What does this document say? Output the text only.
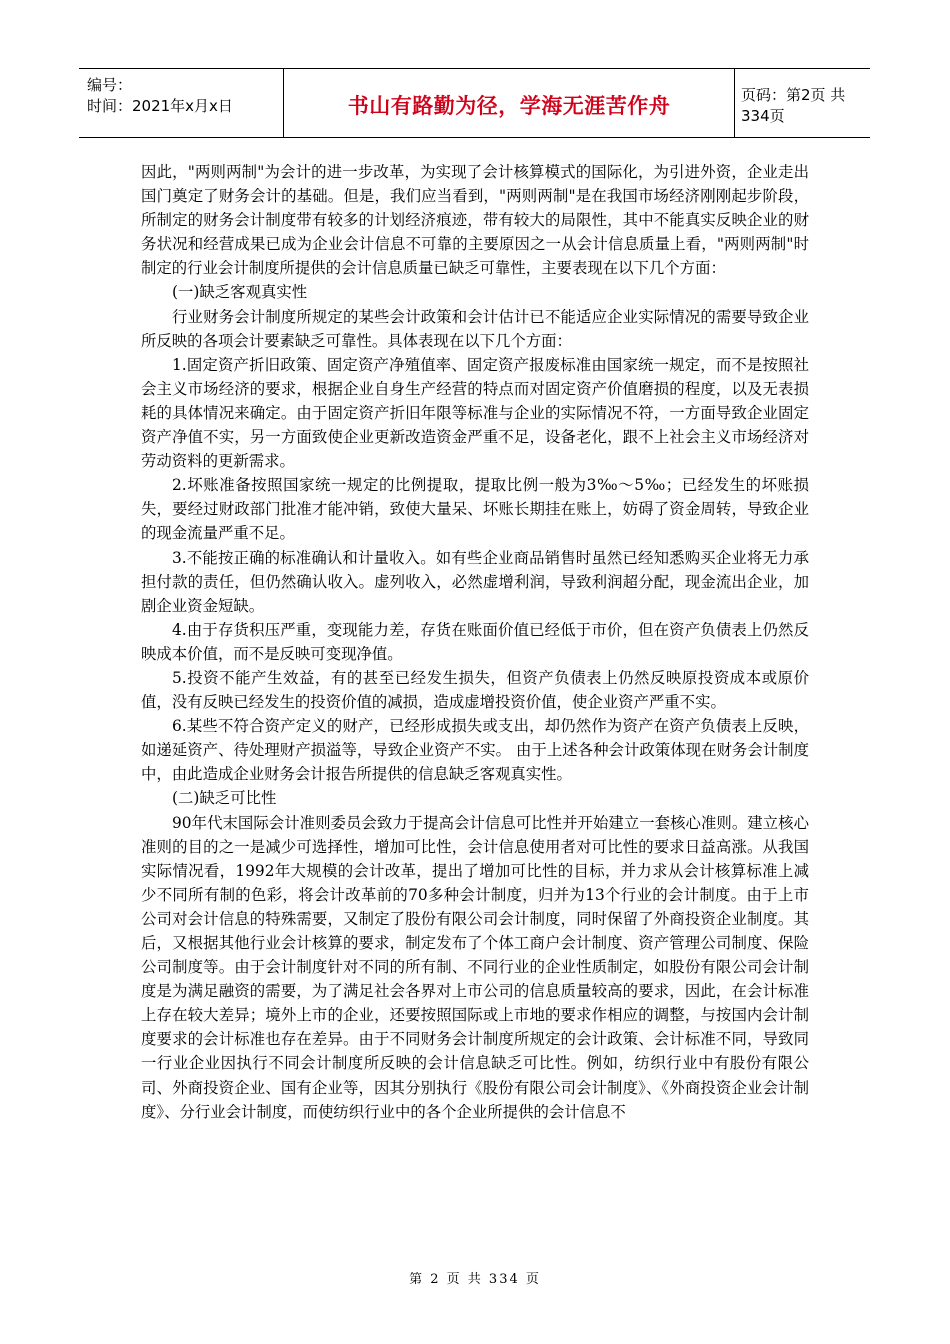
编号：
时间：2021年x月x日	书山有路勤为径，学海无涯苦作舟	页码：第2页 共334页

因此，"两则两制"为会计的进一步改革，为实现了会计核算模式的国际化，为引进外资，企业走出国门奠定了财务会计的基础。但是，我们应当看到，"两则两制"是在我国市场经济刚刚起步阶段，所制定的财务会计制度带有较多的计划经济痕迹，带有较大的局限性，其中不能真实反映企业的财务状况和经营成果已成为企业会计信息不可靠的主要原因之一从会计信息质量上看，"两则两制"时制定的行业会计制度所提供的会计信息质量已缺乏可靠性，主要表现在以下几个方面：

(一)缺乏客观真实性

行业财务会计制度所规定的某些会计政策和会计估计已不能适应企业实际情况的需要导致企业所反映的各项会计要素缺乏可靠性。具体表现在以下几个方面：

1.固定资产折旧政策、固定资产净殖值率、固定资产报废标准由国家统一规定，而不是按照社会主义市场经济的要求，根据企业自身生产经营的特点而对固定资产价值磨损的程度，以及无表损耗的具体情况来确定。由于固定资产折旧年限等标准与企业的实际情况不符，一方面导致企业固定资产净值不实，另一方面致使企业更新改造资金严重不足，设备老化，跟不上社会主义市场经济对劳动资料的更新需求。

2.坏账准备按照国家统一规定的比例提取，提取比例一般为3‰～5‰；已经发生的坏账损失，要经过财政部门批准才能冲销，致使大量呆、坏账长期挂在账上，妨碍了资金周转，导致企业的现金流量严重不足。

3.不能按正确的标准确认和计量收入。如有些企业商品销售时虽然已经知悉购买企业将无力承担付款的责任，但仍然确认收入。虚列收入，必然虚增利润，导致利润超分配，现金流出企业，加剧企业资金短缺。

4.由于存货积压严重，变现能力差，存货在账面价值已经低于市价，但在资产负债表上仍然反映成本价值，而不是反映可变现净值。

5.投资不能产生效益，有的甚至已经发生损失，但资产负债表上仍然反映原投资成本或原价值，没有反映已经发生的投资价值的减损，造成虚增投资价值，使企业资产严重不实。

6.某些不符合资产定义的财产，已经形成损失或支出，却仍然作为资产在资产负债表上反映，如递延资产、待处理财产损溢等，导致企业资产不实。 由于上述各种会计政策体现在财务会计制度中，由此造成企业财务会计报告所提供的信息缺乏客观真实性。

(二)缺乏可比性

90年代末国际会计准则委员会致力于提高会计信息可比性并开始建立一套核心准则。建立核心准则的目的之一是减少可选择性，增加可比性，会计信息使用者对可比性的要求日益高涨。从我国实际情况看，1992年大规模的会计改革，提出了增加可比性的目标，并力求从会计核算标准上减少不同所有制的色彩，将会计改革前的70多种会计制度，归并为13个行业的会计制度。由于上市公司对会计信息的特殊需要，又制定了股份有限公司会计制度，同时保留了外商投资企业制度。其后，又根据其他行业会计核算的要求，制定发布了个体工商户会计制度、资产管理公司制度、保险公司制度等。由于会计制度针对不同的所有制、不同行业的企业性质制定，如股份有限公司会计制度是为满足融资的需要，为了满足社会各界对上市公司的信息质量较高的要求，因此，在会计标准上存在较大差异；境外上市的企业，还要按照国际或上市地的要求作相应的调整，与按国内会计制度要求的会计标准也存在差异。由于不同财务会计制度所规定的会计政策、会计标准不同，导致同一行业企业因执行不同会计制度所反映的会计信息缺乏可比性。例如，纺织行业中有股份有限公司、外商投资企业、国有企业等，因其分别执行《股份有限公司会计制度》、《外商投资企业会计制度》、分行业会计制度，而使纺织行业中的各个企业所提供的会计信息不

第 2 页 共 334 页
